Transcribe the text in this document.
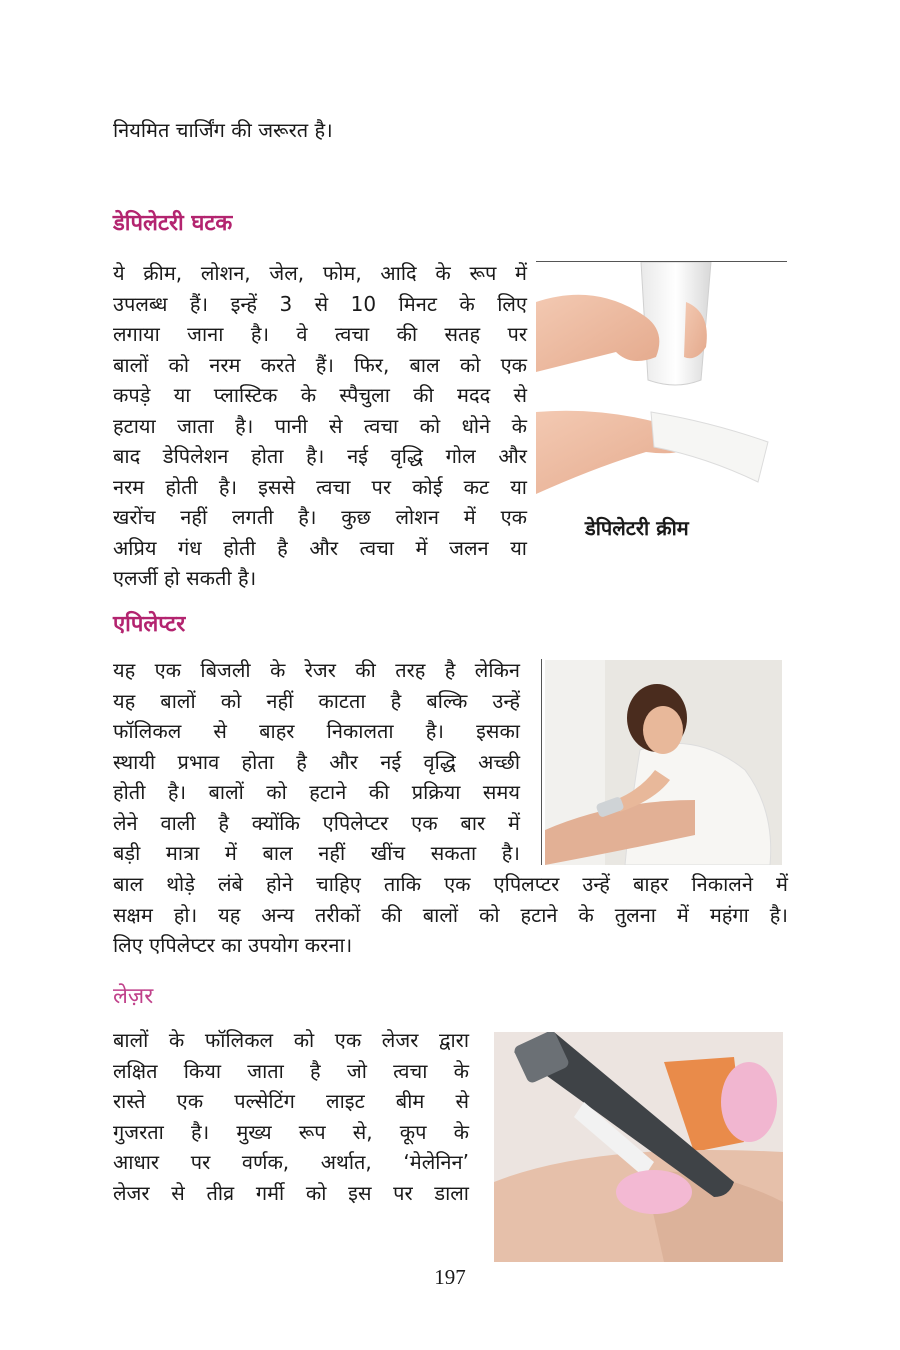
नियमित चार्जिंग की जरूरत है।
डेपिलेटरी घटक
ये क्रीम, लोशन, जेल, फोम, आदि के रूप में
उपलब्ध हैं। इन्हें 3 से 10 मिनट के लिए
लगाया जाना है। वे त्वचा की सतह पर
बालों को नरम करते हैं। फिर, बाल को एक
कपड़े या प्लास्टिक के स्पैचुला की मदद से
हटाया जाता है। पानी से त्वचा को धोने के
बाद डेपिलेशन होता है। नई वृद्धि गोल और
नरम होती है। इससे त्वचा पर कोई कट या
खरोंच नहीं लगती है। कुछ लोशन में एक
अप्रिय गंध होती है और त्वचा में जलन या
एलर्जी हो सकती है।
डेपिलेटरी क्रीम
एपिलेप्टर
यह एक बिजली के रेजर की तरह है लेकिन
यह बालों को नहीं काटता है बल्कि उन्हें
फॉलिकल से बाहर निकालता है। इसका
स्थायी प्रभाव होता है और नई वृद्धि अच्छी
होती है। बालों को हटाने की प्रक्रिया समय
लेने वाली है क्योंकि एपिलेप्टर एक बार में
बड़ी मात्रा में बाल नहीं खींच सकता है।
बाल थोड़े लंबे होने चाहिए ताकि एक एपिलप्टर उन्हें बाहर निकालने में
सक्षम हो। यह अन्य तरीकों की बालों को हटाने के तुलना में महंगा है।
लिए एपिलेप्टर का उपयोग करना।
लेज़र
बालों के फॉलिकल को एक लेजर द्वारा
लक्षित किया जाता है जो त्वचा के
रास्ते एक पल्सेटिंग लाइट बीम से
गुजरता है। मुख्य रूप से, कूप के
आधार पर वर्णक, अर्थात, ‘मेलेनिन’
लेजर से तीव्र गर्मी को इस पर डाला
197
